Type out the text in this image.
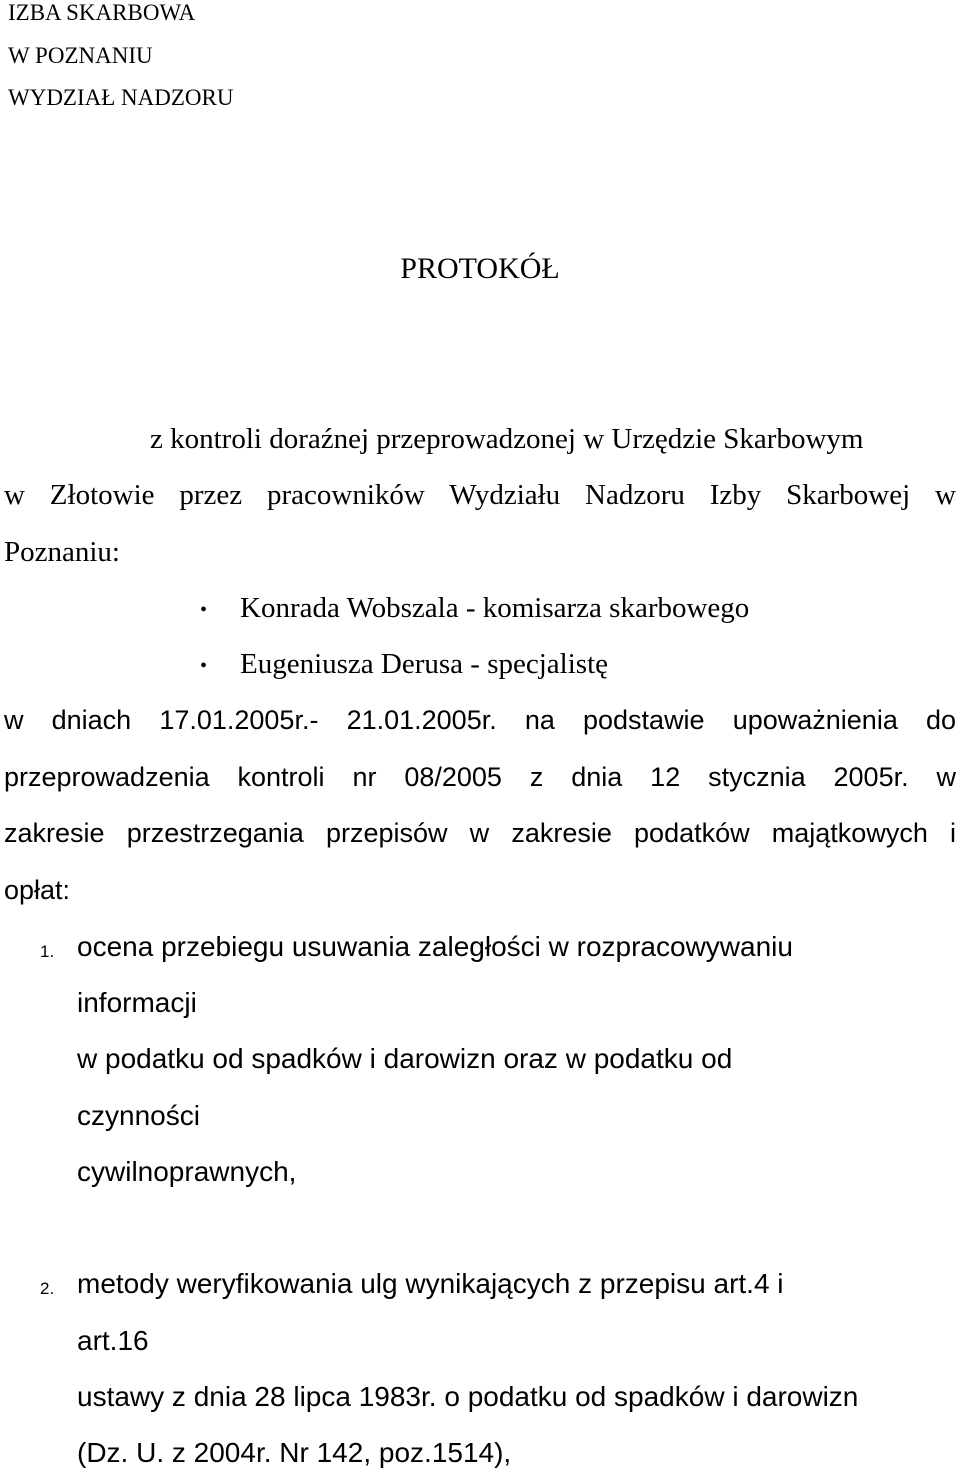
IZBA SKARBOWA
W POZNANIU
WYDZIAŁ NADZORU
PROTOKÓŁ
z kontroli doraźnej przeprowadzonej w Urzędzie Skarbowym
w Złotowie przez pracowników Wydziału Nadzoru Izby Skarbowej w
Poznaniu:
• Konrada Wobszala - komisarza skarbowego
• Eugeniusza Derusa - specjalistę
w dniach 17.01.2005r.- 21.01.2005r. na podstawie upoważnienia do
przeprowadzenia kontroli nr 08/2005 z dnia 12 stycznia 2005r. w
zakresie przestrzegania przepisów w zakresie podatków majątkowych i
opłat:
1. ocena przebiegu usuwania zaległości w rozpracowywaniu
informacji
w podatku od spadków i darowizn oraz w podatku od
czynności
cywilnoprawnych,
2. metody weryfikowania ulg wynikających z przepisu art.4 i
art.16
ustawy z dnia 28 lipca 1983r. o podatku od spadków i darowizn
(Dz. U. z 2004r. Nr 142, poz.1514),
